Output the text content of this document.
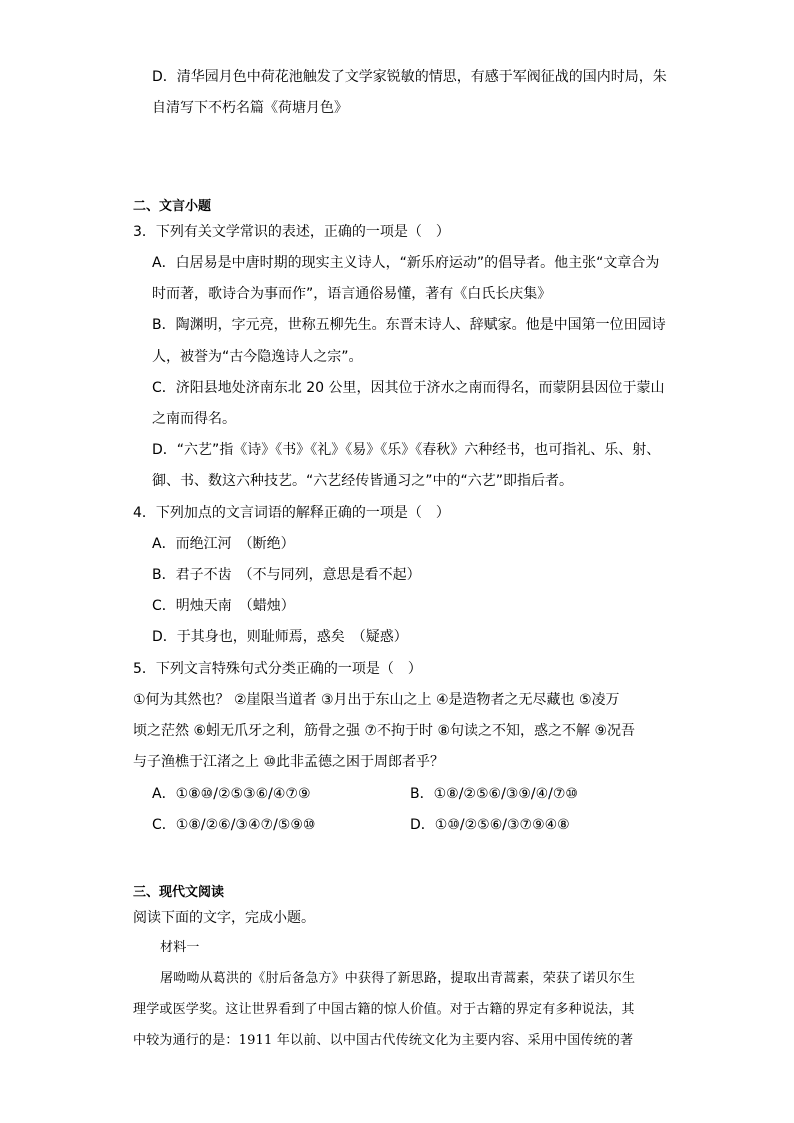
D．清华园月色中荷花池触发了文学家锐敏的情思，有感于军阀征战的国内时局，朱
自清写下不朽名篇《荷塘月色》
二、文言小题
3．下列有关文学常识的表述，正确的一项是（　）
A．白居易是中唐时期的现实主义诗人，“新乐府运动”的倡导者。他主张“文章合为
时而著，歌诗合为事而作”，语言通俗易懂，著有《白氏长庆集》
B．陶渊明，字元亮，世称五柳先生。东晋末诗人、辞赋家。他是中国第一位田园诗
人，被誉为“古今隐逸诗人之宗”。
C．济阳县地处济南东北 20 公里，因其位于济水之南而得名，而蒙阴县因位于蒙山
之南而得名。
D．“六艺”指《诗》《书》《礼》《易》《乐》《春秋》六种经书，也可指礼、乐、射、
御、书、数这六种技艺。“六艺经传皆通习之”中的“六艺”即指后者。
4．下列加点的文言词语的解释正确的一项是（　）
A．而绝江河　（断绝）
B．君子不齿　（不与同列，意思是看不起）
C．明烛天南　（蜡烛）
D．于其身也，则耻师焉，惑矣　（疑惑）
5．下列文言特殊句式分类正确的一项是（　）
①何为其然也？ ②崖限当道者 ③月出于东山之上 ④是造物者之无尽藏也 ⑤凌万
顷之茫然 ⑥蚓无爪牙之利，筋骨之强 ⑦不拘于时 ⑧句读之不知，惑之不解 ⑨况吾
与子渔樵于江渚之上 ⑩此非孟德之困于周郎者乎？
A．①⑧⑩/②⑤③⑥/④⑦⑨	B．①⑧/②⑤⑥/③⑨/④/⑦⑩
C．①⑧/②⑥/③④⑦/⑤⑨⑩	D．①⑩/②⑤⑥/③⑦⑨④⑧
三、现代文阅读
阅读下面的文字，完成小题。
材料一
屠呦呦从葛洪的《肘后备急方》中获得了新思路，提取出青蒿素，荣获了诺贝尔生
理学或医学奖。这让世界看到了中国古籍的惊人价值。对于古籍的界定有多种说法，其
中较为通行的是：1911 年以前、以中国古代传统文化为主要内容、采用中国传统的著
